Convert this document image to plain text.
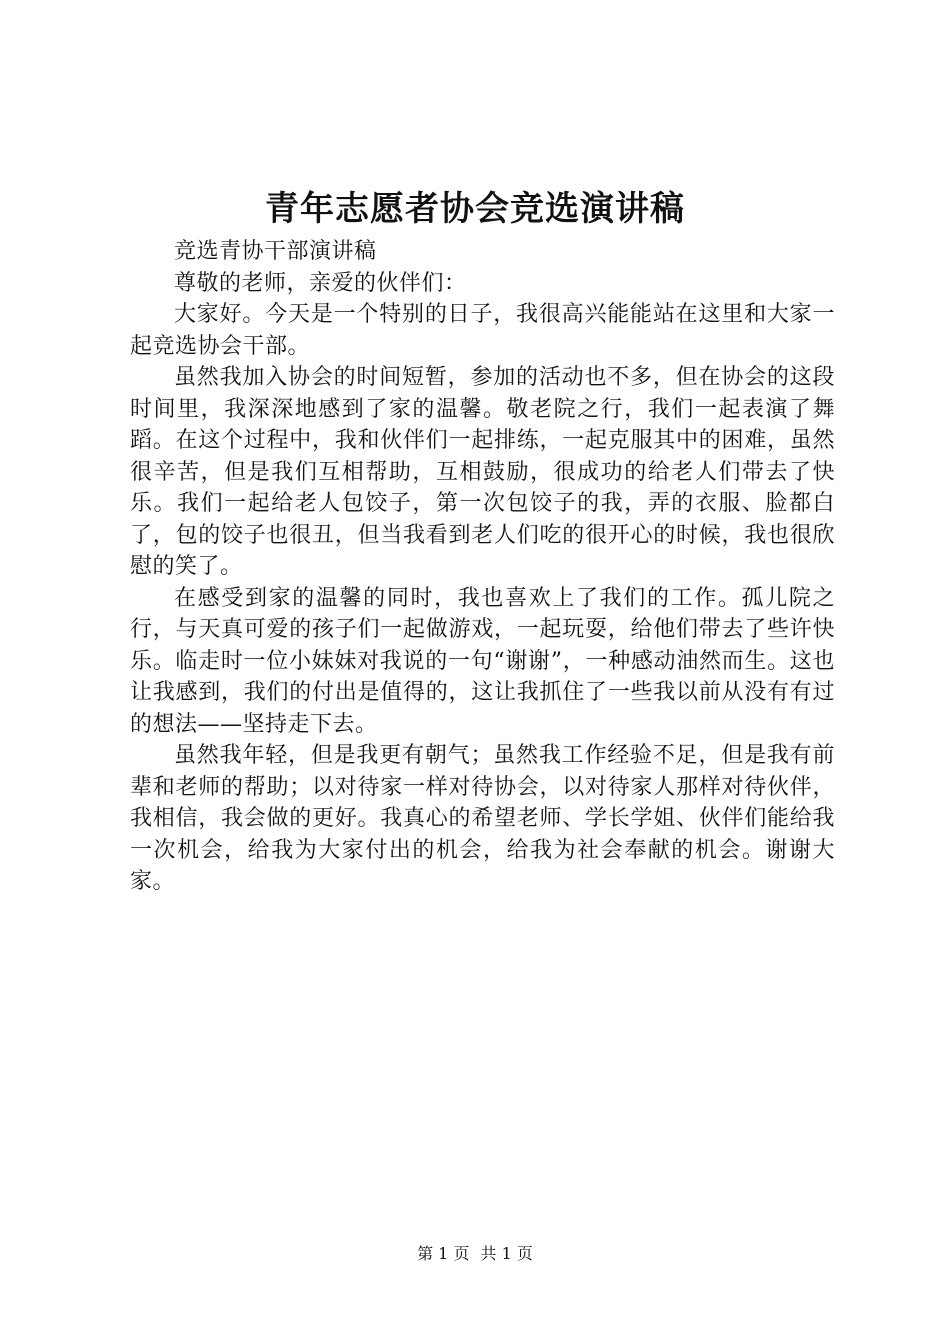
青年志愿者协会竞选演讲稿

竞选青协干部演讲稿

尊敬的老师，亲爱的伙伴们：

大家好。今天是一个特别的日子，我很高兴能能站在这里和大家一起竞选协会干部。

虽然我加入协会的时间短暂，参加的活动也不多，但在协会的这段时间里，我深深地感到了家的温馨。敬老院之行，我们一起表演了舞蹈。在这个过程中，我和伙伴们一起排练，一起克服其中的困难，虽然很辛苦，但是我们互相帮助，互相鼓励，很成功的给老人们带去了快乐。我们一起给老人包饺子，第一次包饺子的我，弄的衣服、脸都白了，包的饺子也很丑，但当我看到老人们吃的很开心的时候，我也很欣慰的笑了。

在感受到家的温馨的同时，我也喜欢上了我们的工作。孤儿院之行，与天真可爱的孩子们一起做游戏，一起玩耍，给他们带去了些许快乐。临走时一位小妹妹对我说的一句“谢谢”，一种感动油然而生。这也让我感到，我们的付出是值得的，这让我抓住了一些我以前从没有有过的想法——坚持走下去。

虽然我年轻，但是我更有朝气；虽然我工作经验不足，但是我有前辈和老师的帮助；以对待家一样对待协会，以对待家人那样对待伙伴，我相信，我会做的更好。我真心的希望老师、学长学姐、伙伴们能给我一次机会，给我为大家付出的机会，给我为社会奉献的机会。谢谢大家。

第 1 页 共 1 页
